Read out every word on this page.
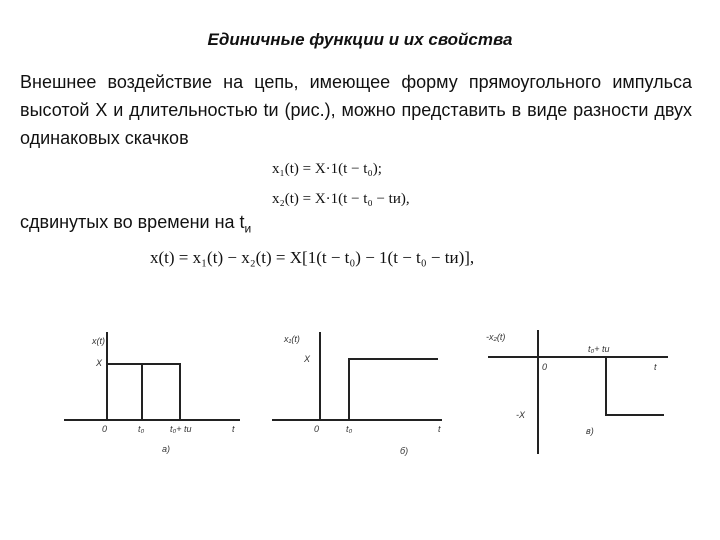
Единичные функции и их свойства
Внешнее воздействие на цепь, имеющее форму прямоугольного импульса высотой X и длительностью tи (рис.), можно представить в виде разности двух одинаковых скачков
x₁(t) = X·1(t − t₀);
x₂(t) = X·1(t − t₀ − tи),
сдвинутых во времени на $t_и$
x(t) = x₁(t) − x₂(t) = X[1(t − t₀) − 1(t − t₀ − tи)],
x(t)
X
0	t₀	t₀+ tи	t
а)
x₁(t)
X
0	t₀	t
б)
-x₂(t)
t₀+ tи
t
0
-X
в)
